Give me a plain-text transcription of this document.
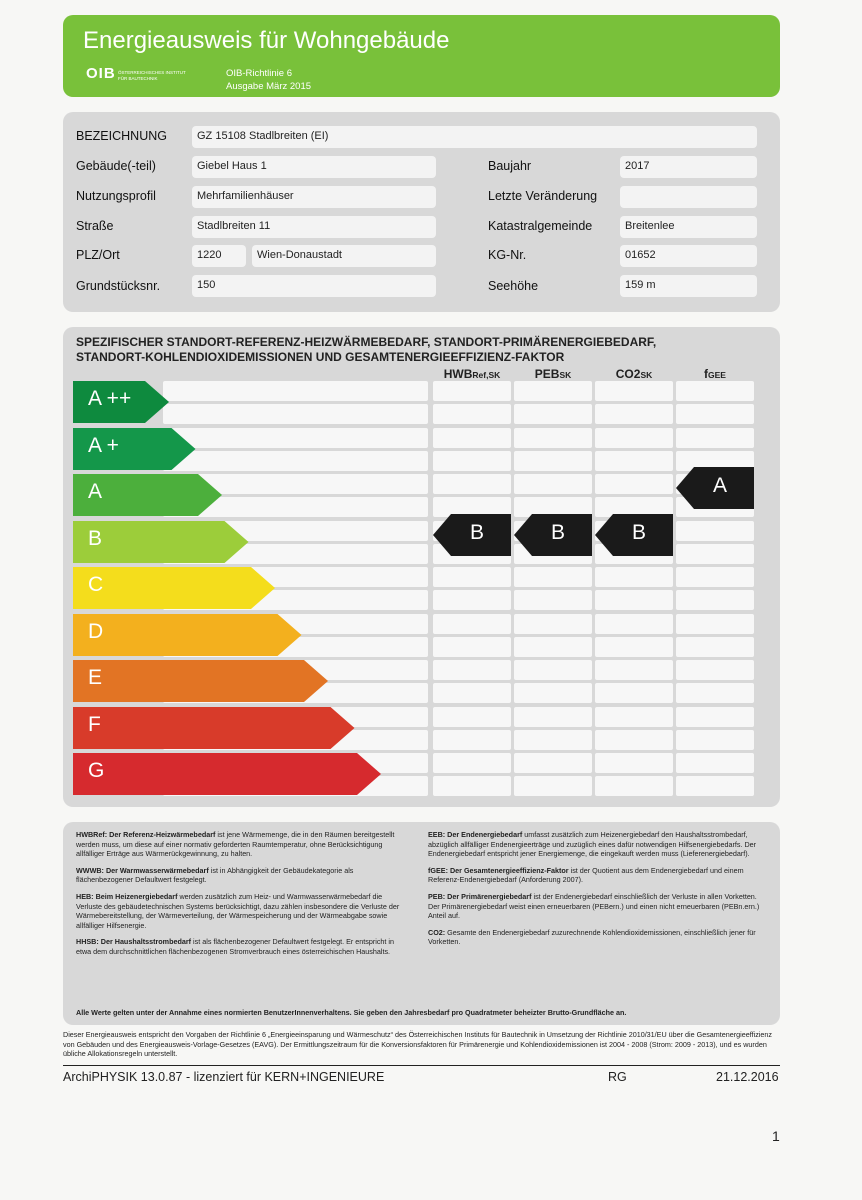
Energieausweis für Wohngebäude
OIB ÖSTERREICHISCHES INSTITUT FÜR BAUTECHNIK	OIB-Richtlinie 6
Ausgabe März 2015
BEZEICHNUNG	GZ 15108 Stadlbreiten (EI)
Gebäude(-teil)	Giebel Haus 1
Nutzungsprofil	Mehrfamilienhäuser
Straße	Stadlbreiten 11
PLZ/Ort	1220	Wien-Donaustadt
Grundstücksnr.	150
Baujahr	2017
Letzte Veränderung
Katastralgemeinde	Breitenlee
KG-Nr.	01652
Seehöhe	159 m
SPEZIFISCHER STANDORT-REFERENZ-HEIZWÄRMEBEDARF, STANDORT-PRIMÄRENERGIEBEDARF,
STANDORT-KOHLENDIOXIDEMISSIONEN UND GESAMTENERGIEEFFIZIENZ-FAKTOR
HWBRef,SK	PEBSK	CO2SK	fGEE
A ++
A +
A
B
C
D
E
F
G
B	B	B
A

HWBRef: Der Referenz-Heizwärmebedarf ist jene Wärmemenge, die in den Räumen bereitgestellt werden muss, um diese auf einer normativ geforderten Raumtemperatur, ohne Berücksichtigung allfälliger Erträge aus Wärmerückgewinnung, zu halten.

WWWB: Der Warmwasserwärmebedarf ist in Abhängigkeit der Gebäudekategorie als flächenbezogener Defaultwert festgelegt.

HEB: Beim Heizenergiebedarf werden zusätzlich zum Heiz- und Warmwasserwärmebedarf die Verluste des gebäudetechnischen Systems berücksichtigt, dazu zählen insbesondere die Verluste der Wärmebereitstellung, der Wärmeverteilung, der Wärmespeicherung und der Wärmeabgabe sowie allfälliger Hilfsenergie.

HHSB: Der Haushaltsstrombedarf ist als flächenbezogener Defaultwert festgelegt. Er entspricht in etwa dem durchschnittlichen flächenbezogenen Stromverbrauch eines österreichischen Haushalts.

EEB: Der Endenergiebedarf umfasst zusätzlich zum Heizenergiebedarf den Haushaltsstrombedarf, abzüglich allfälliger Endenergieerträge und zuzüglich eines dafür notwendigen Hilfsenergiebedarfs. Der Endenergiebedarf entspricht jener Energiemenge, die eingekauft werden muss (Lieferenergiebedarf).

fGEE: Der Gesamtenergieeffizienz-Faktor ist der Quotient aus dem Endenergiebedarf und einem Referenz-Endenergiebedarf (Anforderung 2007).

PEB: Der Primärenergiebedarf ist der Endenergiebedarf einschließlich der Verluste in allen Vorketten. Der Primärenergiebedarf weist einen erneuerbaren (PEBern.) und einen nicht erneuerbaren (PEBn.ern.) Anteil auf.

CO2: Gesamte den Endenergiebedarf zuzurechnende Kohlendioxidemissionen, einschließlich jener für Vorketten.

Alle Werte gelten unter der Annahme eines normierten BenutzerInnenverhaltens. Sie geben den Jahresbedarf pro Quadratmeter beheizter Brutto-Grundfläche an.
Dieser Energieausweis entspricht den Vorgaben der Richtlinie 6 „Energieeinsparung und Wärmeschutz“ des Österreichischen Instituts für Bautechnik in Umsetzung der Richtlinie 2010/31/EU über die Gesamtenergieeffizienz von Gebäuden und des Energieausweis-Vorlage-Gesetzes (EAVG). Der Ermittlungszeitraum für die Konversionsfaktoren für Primärenergie und Kohlendioxidemissionen ist 2004 - 2008 (Strom: 2009 - 2013), und es wurden übliche Allokationsregeln unterstellt.
ArchiPHYSIK 13.0.87 - lizenziert für KERN+INGENIEURE	RG	21.12.2016
1
